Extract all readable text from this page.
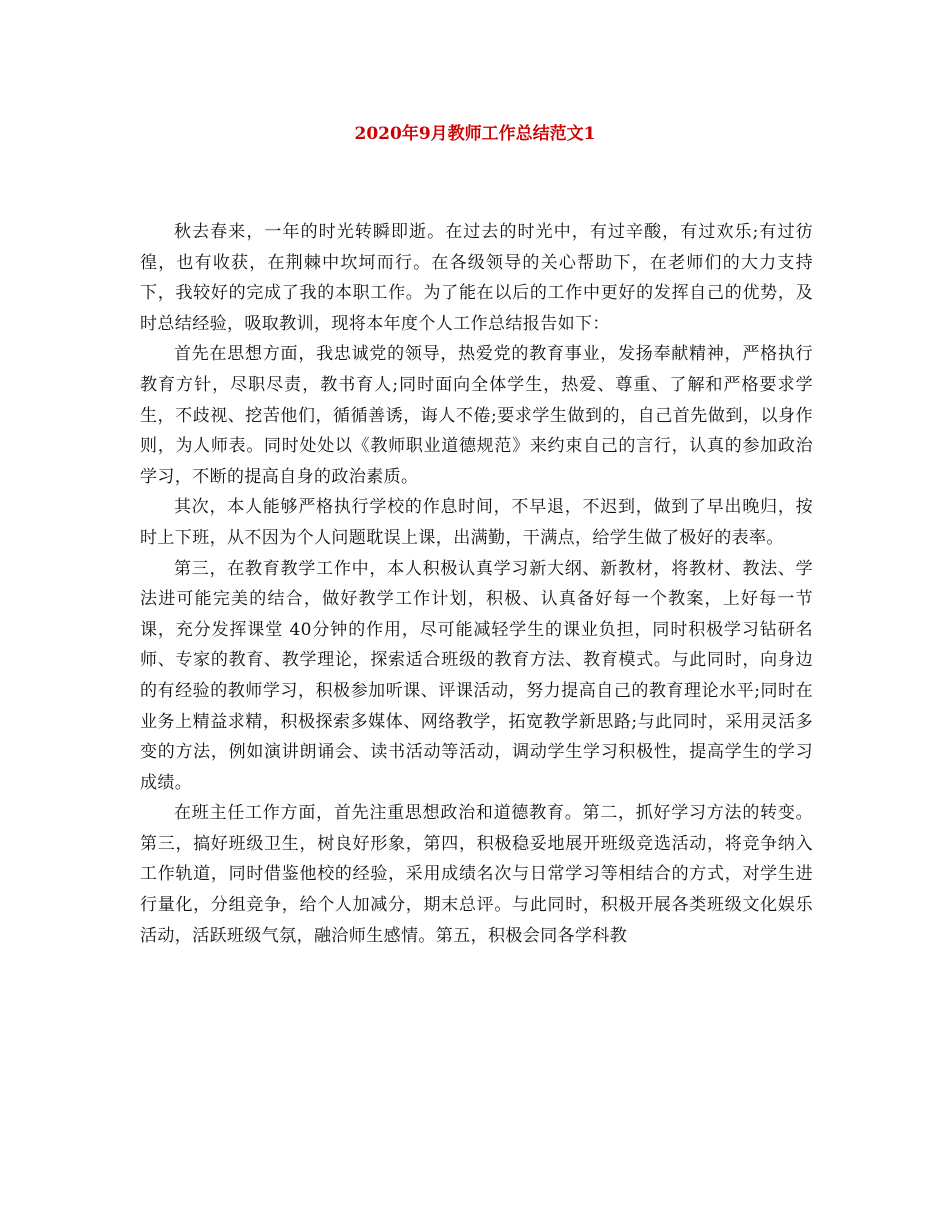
2020年9月教师工作总结范文1

秋去春来，一年的时光转瞬即逝。在过去的时光中，有过辛酸，有过欢乐;有过彷徨，也有收获，在荆棘中坎坷而行。在各级领导的关心帮助下，在老师们的大力支持下，我较好的完成了我的本职工作。为了能在以后的工作中更好的发挥自己的优势，及时总结经验，吸取教训，现将本年度个人工作总结报告如下：

首先在思想方面，我忠诚党的领导，热爱党的教育事业，发扬奉献精神，严格执行教育方针，尽职尽责，教书育人;同时面向全体学生，热爱、尊重、了解和严格要求学生，不歧视、挖苦他们，循循善诱，诲人不倦;要求学生做到的，自己首先做到，以身作则，为人师表。同时处处以《教师职业道德规范》来约束自己的言行，认真的参加政治学习，不断的提高自身的政治素质。

其次，本人能够严格执行学校的作息时间，不早退，不迟到，做到了早出晚归，按时上下班，从不因为个人问题耽误上课，出满勤，干满点，给学生做了极好的表率。

第三，在教育教学工作中，本人积极认真学习新大纲、新教材，将教材、教法、学法进可能完美的结合，做好教学工作计划，积极、认真备好每一个教案，上好每一节课，充分发挥课堂 40分钟的作用，尽可能减轻学生的课业负担，同时积极学习钻研名师、专家的教育、教学理论，探索适合班级的教育方法、教育模式。与此同时，向身边的有经验的教师学习，积极参加听课、评课活动，努力提高自己的教育理论水平;同时在业务上精益求精，积极探索多媒体、网络教学，拓宽教学新思路;与此同时，采用灵活多变的方法，例如演讲朗诵会、读书活动等活动，调动学生学习积极性，提高学生的学习成绩。

在班主任工作方面，首先注重思想政治和道德教育。第二，抓好学习方法的转变。第三，搞好班级卫生，树良好形象，第四，积极稳妥地展开班级竞选活动，将竞争纳入工作轨道，同时借鉴他校的经验，采用成绩名次与日常学习等相结合的方式，对学生进行量化，分组竞争，给个人加减分，期末总评。与此同时，积极开展各类班级文化娱乐活动，活跃班级气氛，融洽师生感情。第五，积极会同各学科教
